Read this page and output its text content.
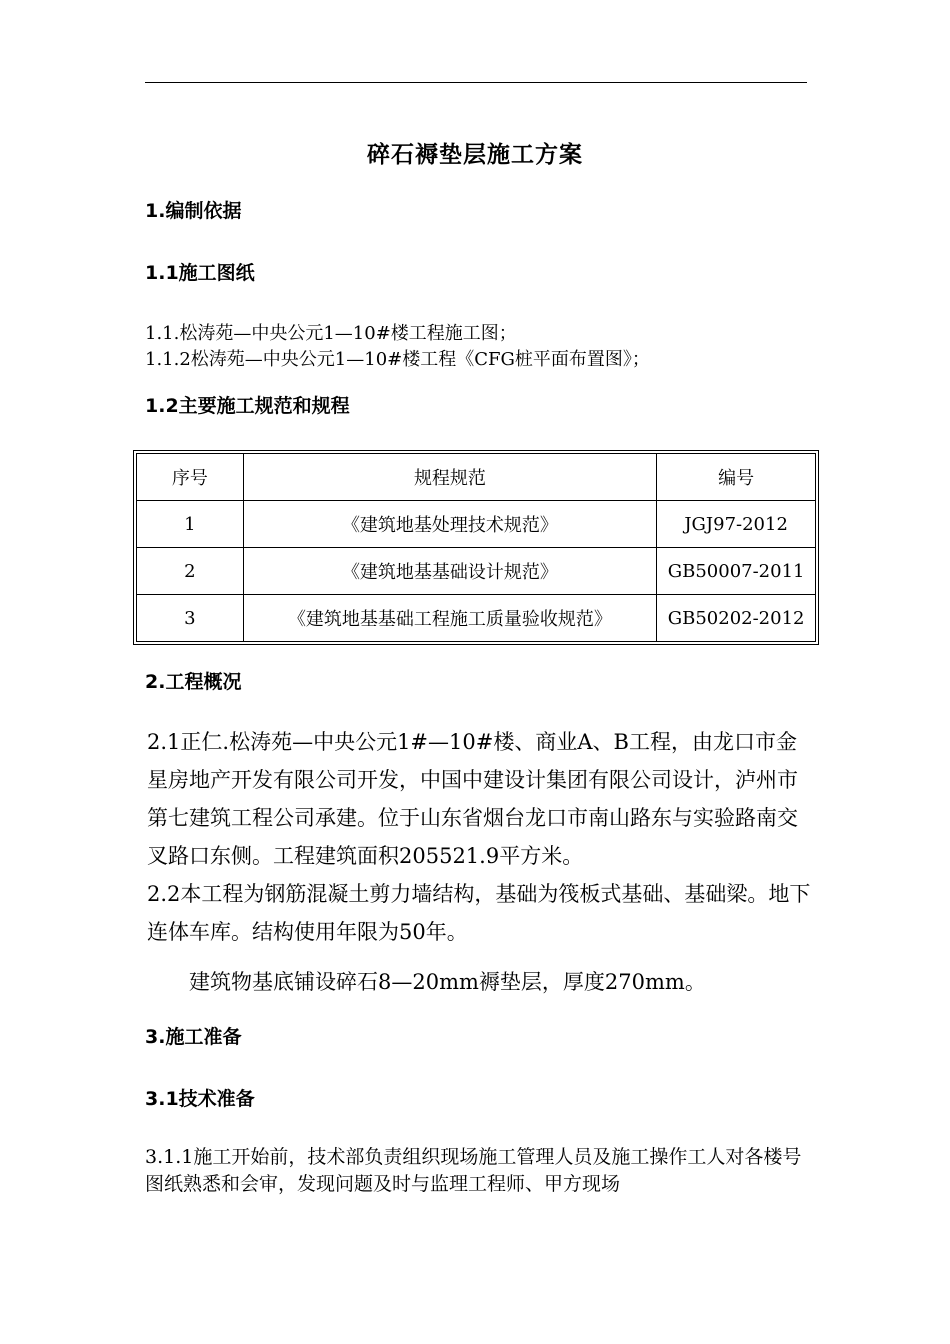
碎石褥垫层施工方案
1.编制依据
1.1施工图纸
1.1.松涛苑—中央公元1—10#楼工程施工图；
1.1.2松涛苑—中央公元1—10#楼工程《CFG桩平面布置图》；
1.2主要施工规范和规程
序号	规程规范	编号
1	《建筑地基处理技术规范》	JGJ97-2012
2	《建筑地基基础设计规范》	GB50007-2011
3	《建筑地基基础工程施工质量验收规范》	GB50202-2012
2.工程概况

2.1正仁.松涛苑—中央公元1#—10#楼、商业A、B工程，由龙口市金星房地产开发有限公司开发，中国中建设计集团有限公司设计，泸州市第七建筑工程公司承建。位于山东省烟台龙口市南山路东与实验路南交叉路口东侧。工程建筑面积205521.9平方米。

2.2本工程为钢筋混凝土剪力墙结构，基础为筏板式基础、基础梁。地下连体车库。结构使用年限为50年。

建筑物基底铺设碎石8—20mm褥垫层，厚度270mm。

3.施工准备
3.1技术准备

3.1.1施工开始前，技术部负责组织现场施工管理人员及施工操作工人对各楼号图纸熟悉和会审，发现问题及时与监理工程师、甲方现场
